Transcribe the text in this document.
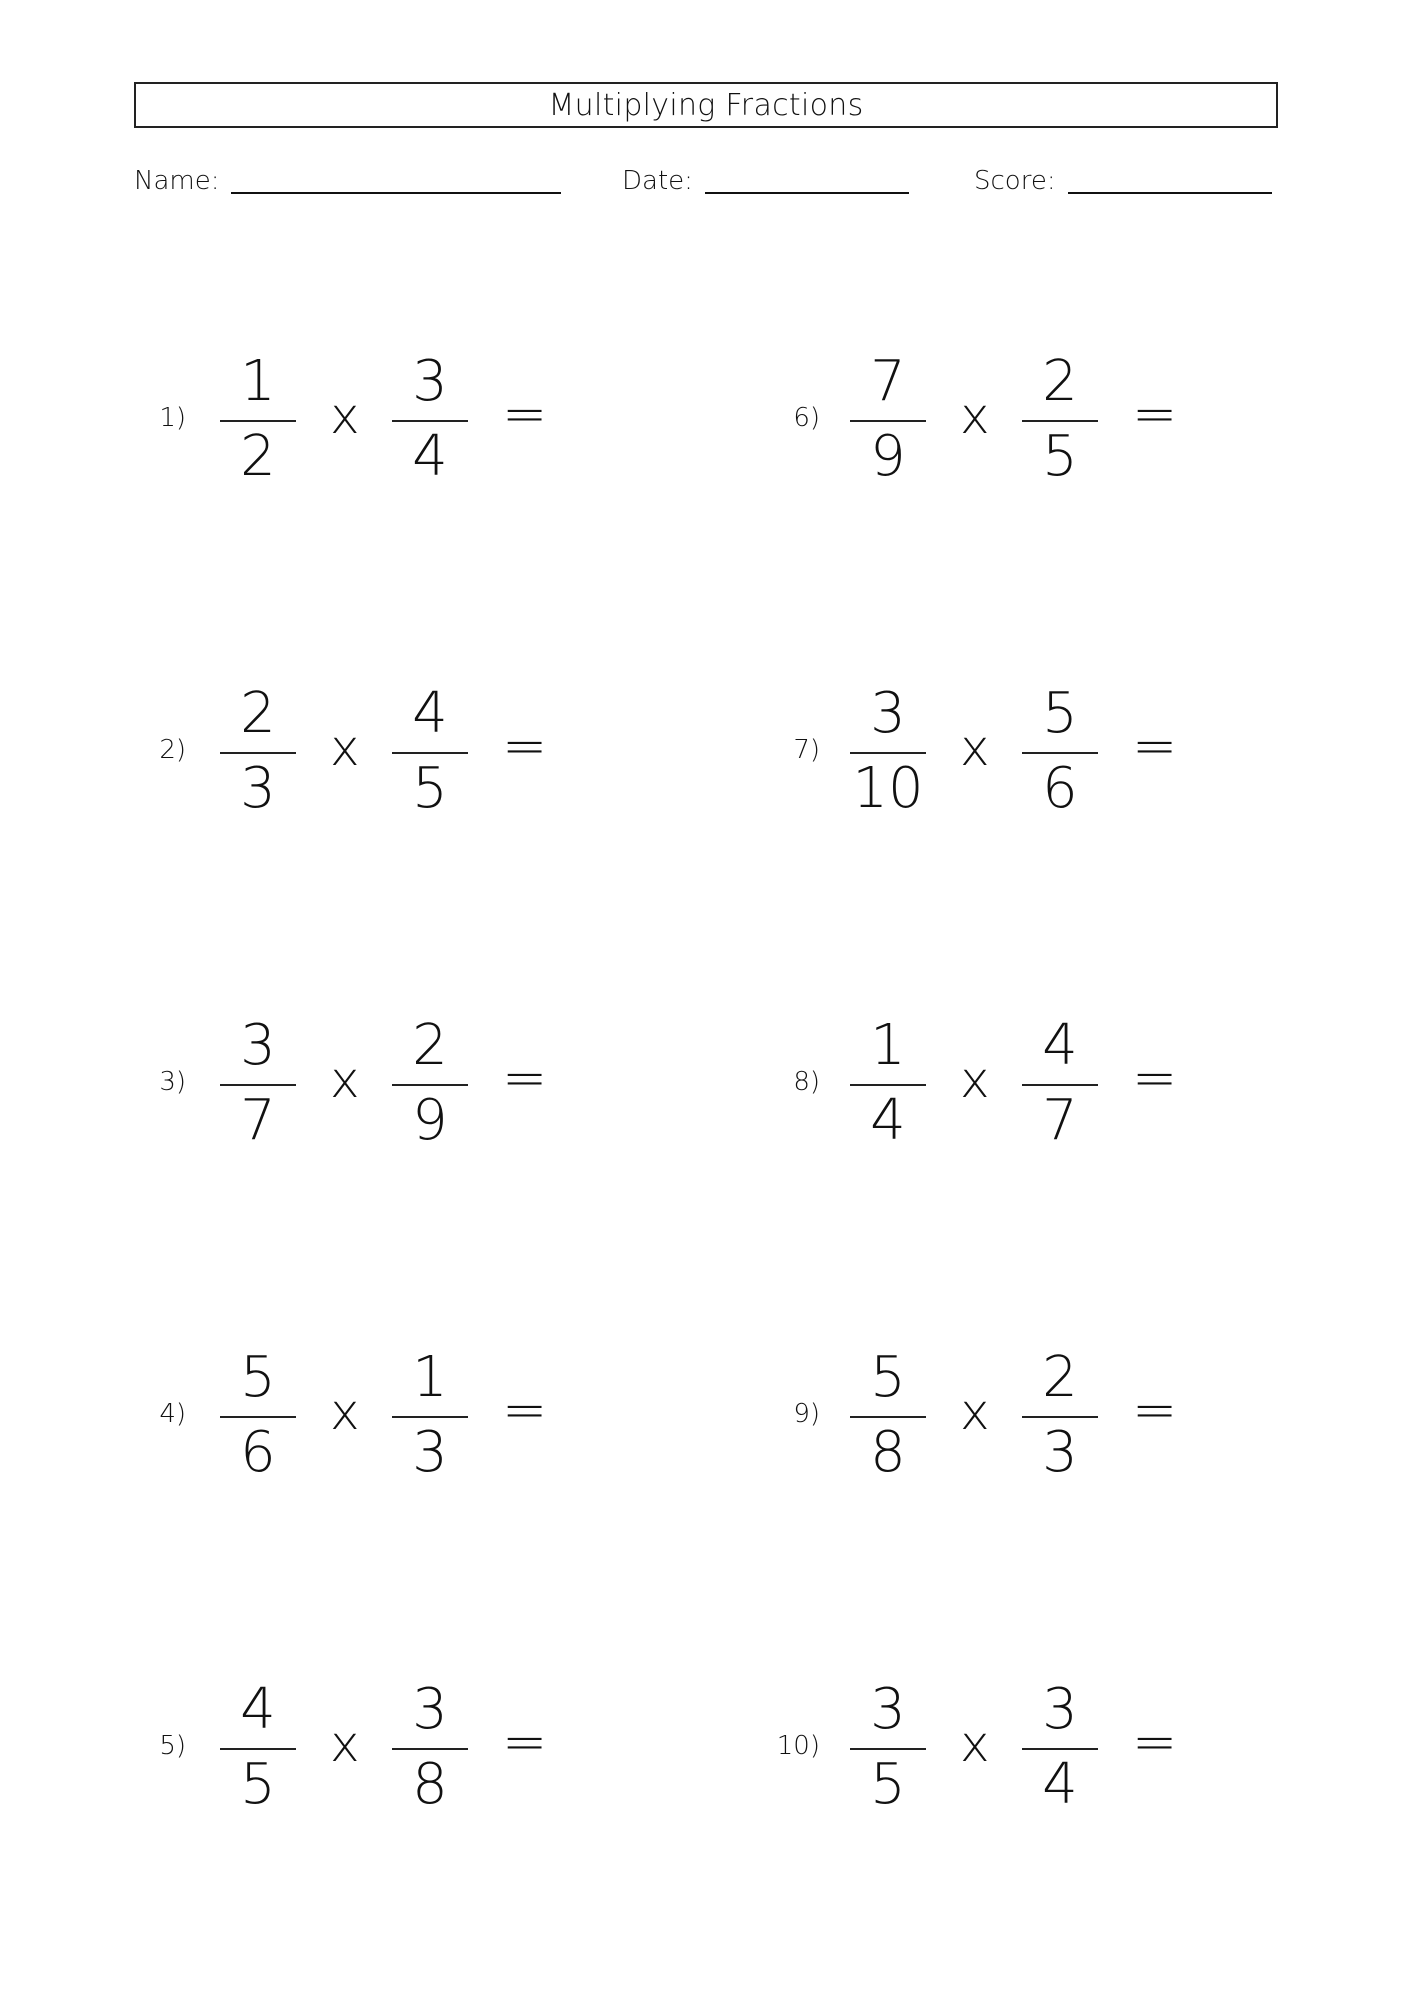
Multiplying Fractions
Name:	Date:	Score:
1)
1
2
x
3
4
=
2)
2
3
x
4
5
=
3)
3
7
x
2
9
=
4)
5
6
x
1
3
=
5)
4
5
x
3
8
=
6)
7
9
x
2
5
=
7)
3
10
x
5
6
=
8)
1
4
x
4
7
=
9)
5
8
x
2
3
=
10)
3
5
x
3
4
=
